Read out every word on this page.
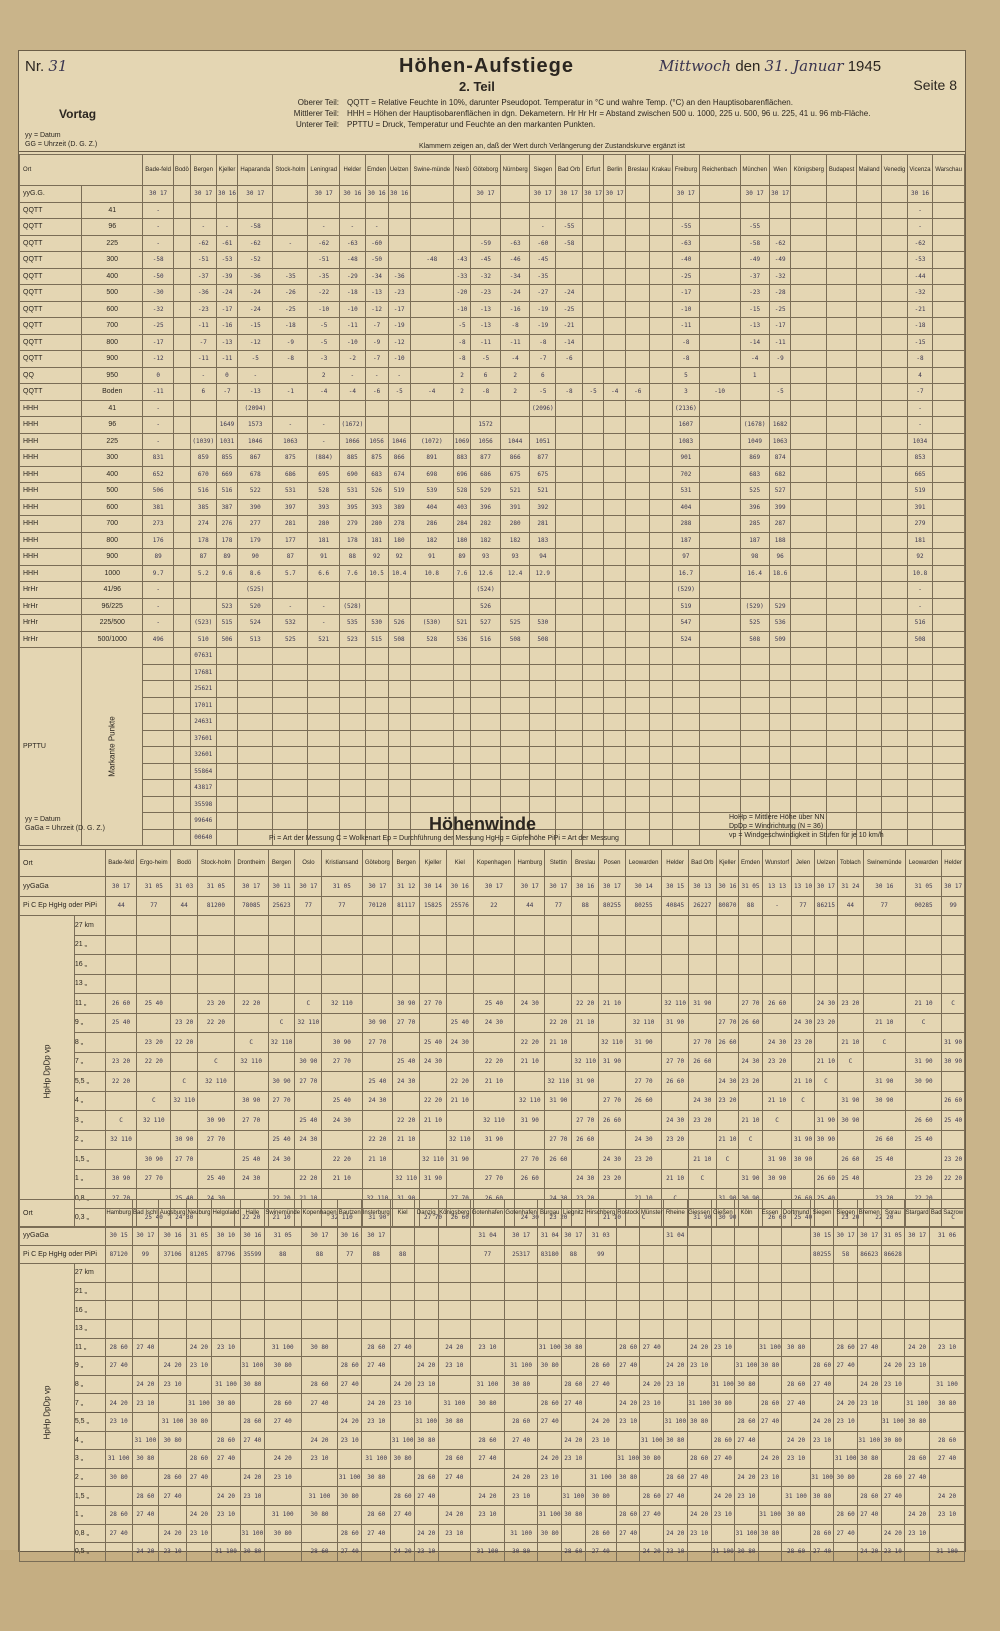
Nr. 31	Höhen-Aufstiege
2. Teil
Mittwoch den 31. Januar 1945
Seite 8
Vortag
yy = Datum
GG = Uhrzeit (D. G. Z.)
Oberer Teil: QQTT = Relative Feuchte in 10%, darunter Pseudopot. Temperatur in °C und wahre Temp. (°C) an den Hauptisobarenflächen.
Mittlerer Teil: HHH = Höhen der Hauptisobarenflächen in dgn. Dekametern. Hr Hr Hr = Abstand zwischen 500 u. 1000, 225 u. 500, 96 u. 225, 41 u. 96 mb-Fläche.
Unterer Teil: PPTTU = Druck, Temperatur und Feuchte an den markanten Punkten.
Klammern zeigen an, daß der Wert durch Verlängerung der Zustandskurve ergänzt ist
Ort		Bade-feld	Bodö	Bergen	Kjeller	Haparanda	Stock-holm	Leningrad	Helder	Emden	Uelzen	Swine-münde	Nexö	Göteborg	Nürnberg	Siegen	Bad Orb	Erfurt	Berlin	Breslau	Krakau	Freiburg	Reichenbach	München	Wien	Königsberg	Budapest	Mailand	Venedig	Vicenza	Warschau
yyG.G.		30 17		30 17	30 16	30 17		30 17	30 16	30 16	30 16			30 17		30 17	30 17	30 17	30 17			30 17		30 17	30 17					30 16	
QQTT	41	-																												-	
QQTT	96	-		-	-	-58		-	-	-						-	-55					-55		-55						-	
QQTT	225	-		-62	-61	-62	-	-62	-63	-60				-59	-63	-60	-58					-63		-58	-62					-62	
QQTT	300	-58		-51	-53	-52		-51	-48	-50		-48	-43	-45	-46	-45						-40		-49	-49					-53	
QQTT	400	-50		-37	-39	-36	-35	-35	-29	-34	-36		-33	-32	-34	-35						-25		-37	-32					-44	
QQTT	500	-30		-36	-24	-24	-26	-22	-18	-13	-23		-20	-23	-24	-27	-24					-17		-23	-28					-32	
QQTT	600	-32		-23	-17	-24	-25	-10	-10	-12	-17		-10	-13	-16	-19	-25					-10		-15	-25					-21	
QQTT	700	-25		-11	-16	-15	-18	-5	-11	-7	-19		-5	-13	-8	-19	-21					-11		-13	-17					-18	
QQTT	800	-17		-7	-13	-12	-9	-5	-10	-9	-12		-8	-11	-11	-8	-14					-8		-14	-11					-15	
QQTT	900	-12		-11	-11	-5	-8	-3	-2	-7	-10		-8	-5	-4	-7	-6					-8		-4	-9					-8	
QQ	950	0		-	0	-		2	-	-	-		2	6	2	6						5		1						4	
QQTT	Boden	-11		6	-7	-13	-1	-4	-4	-6	-5	-4	2	-8	2	-5	-8	-5	-4	-6		3	-10		-5					-7	
HHH	41	-				(2094)										(2096)						(2136)								-	
HHH	96	-			1649	1573	-	-	(1672)					1572								1607		(1678)	1682					-	
HHH	225	-		(1039)	1031	1046	1063	-	1066	1056	1046	(1072)	1069	1056	1044	1051						1083		1049	1063					1034	
HHH	300	831		859	855	867	875	(884)	885	875	866	891	883	877	866	877						901		869	874					853	
HHH	400	652		670	669	678	686	695	690	683	674	698	696	686	675	675						702		683	682					665	
HHH	500	506		516	516	522	531	528	531	526	519	539	528	529	521	521						531		525	527					519	
HHH	600	381		385	387	390	397	393	395	393	389	404	403	396	391	392						404		396	399					391	
HHH	700	273		274	276	277	281	280	279	280	278	286	284	282	280	281						288		285	287					279	
HHH	800	176		178	178	179	177	181	178	181	180	182	180	182	182	183						187		187	188					181	
HHH	900	89		87	89	90	87	91	88	92	92	91	89	93	93	94						97		98	96					92	
HHH	1000	9.7		5.2	9.6	8.6	5.7	6.6	7.6	10.5	10.4	10.8	7.6	12.6	12.4	12.9						16.7		16.4	18.6					10.8	
HrHr	41/96	-				(525)								(524)								(529)								-	
HrHr	96/225	-			523	520	-	-	(528)					526								519		(529)	529					-	
HrHr	225/500	-		(523)	515	524	532	-	535	530	526	(530)	521	527	525	530						547		525	536					516	
HrHr	500/1000	496		510	506	513	525	521	523	515	508	528	536	516	508	508						524		508	509					508	
PPTTU	Markante Punkte			07631																											
				17681																											
				25621																											
				17011																											
				24631																											
				37601																											
				32601																											
				55864																											
				43817																											
				35598																											
				99646																											
				00640																											
yy = Datum
GaGa = Uhrzeit (D. G. Z.)	Höhenwinde
Pi = Art der Messung C = Wolkenart Ep = Durchführung der Messung HgHg = Gipfelhöhe PiPi = Art der Messung
HoHp = Mittlere Höhe über NN
DpDp = Windrichtung (N = 36)
vp = Windgeschwindigkeit in Stufen für je 10 km/h
Ort		Bade-feld	Ergo-heim	Bodö	Stock-holm	Drontheim	Bergen	Oslo	Kristiansand	Göteborg	Bergen	Kjeller	Kiel	Kopenhagen	Hamburg	Stettin	Breslau	Posen	Leowarden	Helder	Bad Orb	Kjeller	Emden	Wunstorf	Jelen	Uelzen	Toblach	Swinemünde	Leowarden	Helder
yyGaGa		30 17	31 05	31 03	31 05	30 17	30 11	30 17	31 05	30 17	31 12	30 14	30 16	30 17	30 17	30 17	30 16	30 17	30 14	30 15	30 13	30 16	31 05	13 13	13 10	30 17	31 24	30 16	31 05	30 17
Pi C Ep HgHg oder PiPi		44	77	44	81200	78085	25623	77	77	70120	81117	15825	25576	22	44	77	88	80255	80255	40845	26227	80870	88	-	77	86215	44	77	00285	99
HpHp DpDp vp	27 km																													
	21 „																													
	16 „																													
	13 „																													
	11 „	26 60	25 40		23 20	22 20		C	32 110		30 90	27 70		25 40	24 30		22 20	21 10		32 110	31 90		27 70	26 60		24 30	23 20		21 10	C
	9 „	25 40		23 20	22 20		C	32 110		30 90	27 70		25 40	24 30		22 20	21 10		32 110	31 90		27 70	26 60		24 30	23 20		21 10	C	
	8 „		23 20	22 20		C	32 110		30 90	27 70		25 40	24 30		22 20	21 10		32 110	31 90		27 70	26 60		24 30	23 20		21 10	C		31 90
	7 „	23 20	22 20		C	32 110		30 90	27 70		25 40	24 30		22 20	21 10		32 110	31 90		27 70	26 60		24 30	23 20		21 10	C		31 90	30 90
	5,5 „	22 20		C	32 110		30 90	27 70		25 40	24 30		22 20	21 10		32 110	31 90		27 70	26 60		24 30	23 20		21 10	C		31 90	30 90	
	4 „		C	32 110		30 90	27 70		25 40	24 30		22 20	21 10		32 110	31 90		27 70	26 60		24 30	23 20		21 10	C		31 90	30 90		26 60
	3 „	C	32 110		30 90	27 70		25 40	24 30		22 20	21 10		32 110	31 90		27 70	26 60		24 30	23 20		21 10	C		31 90	30 90		26 60	25 40
	2 „	32 110		30 90	27 70		25 40	24 30		22 20	21 10		32 110	31 90		27 70	26 60		24 30	23 20		21 10	C		31 90	30 90		26 60	25 40	
	1,5 „		30 90	27 70		25 40	24 30		22 20	21 10		32 110	31 90		27 70	26 60		24 30	23 20		21 10	C		31 90	30 90		26 60	25 40		23 20
	1 „	30 90	27 70		25 40	24 30		22 20	21 10		32 110	31 90		27 70	26 60		24 30	23 20		21 10	C		31 90	30 90		26 60	25 40		23 20	22 20
	0,8 „	27 70		25 40	24 30		22 20	21 10		32 110	31 90		27 70	26 60		24 30	23 20		21 10	C		31 90	30 90		26 60	25 40		23 20	22 20	
	0,3 „		25 40	24 30		22 20	21 10		32 110	31 90		27 70	26 60		24 30	23 20		21 10	C		31 90	30 90		26 60	25 40		23 20	22 20		C
Ort		Hamburg	Bad Ischl	Augsburg	Neuburg	Helgoland	Halle	Swinemünde	Kopenhagen	Bautzen	Insterburg	Kiel	Danzig	Königsberg	Gotenhafen	Gotenhafen	Burgau	Liegnitz	Hirschberg	Rostock	Münster	Rheine	Giessen	Gießen	Köln	Essen	Dortmund	Siegen	Siegen	Bremen	Sorau	Stargard	Bad Sazrow
yyGaGa		30 15	30 17	30 16	31 05	30 10	30 16	31 05	30 17	30 16	30 17				31 04	30 17	31 04	30 17	31 03			31 04						30 15	30 17	30 17	31 05	30 17	31 06
Pi C Ep HgHg oder PiPi		87120	99	37106	81205	87796	35599	88	88	77	88	88			77	25317	83180	88	99									80255	58	86623	86628		
HpHp DpDp vp	27 km																																
	21 „																																
	16 „																																
	13 „																																
	11 „	28 60	27 40		24 20	23 10		31 100	30 80		28 60	27 40		24 20	23 10		31 100	30 80		28 60	27 40		24 20	23 10		31 100	30 80		28 60	27 40		24 20	23 10
	9 „	27 40		24 20	23 10		31 100	30 80		28 60	27 40		24 20	23 10		31 100	30 80		28 60	27 40		24 20	23 10		31 100	30 80		28 60	27 40		24 20	23 10	
	8 „		24 20	23 10		31 100	30 80		28 60	27 40		24 20	23 10		31 100	30 80		28 60	27 40		24 20	23 10		31 100	30 80		28 60	27 40		24 20	23 10		31 100
	7 „	24 20	23 10		31 100	30 80		28 60	27 40		24 20	23 10		31 100	30 80		28 60	27 40		24 20	23 10		31 100	30 80		28 60	27 40		24 20	23 10		31 100	30 80
	5,5 „	23 10		31 100	30 80		28 60	27 40		24 20	23 10		31 100	30 80		28 60	27 40		24 20	23 10		31 100	30 80		28 60	27 40		24 20	23 10		31 100	30 80	
	4 „		31 100	30 80		28 60	27 40		24 20	23 10		31 100	30 80		28 60	27 40		24 20	23 10		31 100	30 80		28 60	27 40		24 20	23 10		31 100	30 80		28 60
	3 „	31 100	30 80		28 60	27 40		24 20	23 10		31 100	30 80		28 60	27 40		24 20	23 10		31 100	30 80		28 60	27 40		24 20	23 10		31 100	30 80		28 60	27 40
	2 „	30 80		28 60	27 40		24 20	23 10		31 100	30 80		28 60	27 40		24 20	23 10		31 100	30 80		28 60	27 40		24 20	23 10		31 100	30 80		28 60	27 40	
	1,5 „		28 60	27 40		24 20	23 10		31 100	30 80		28 60	27 40		24 20	23 10		31 100	30 80		28 60	27 40		24 20	23 10		31 100	30 80		28 60	27 40		24 20
	1 „	28 60	27 40		24 20	23 10		31 100	30 80		28 60	27 40		24 20	23 10		31 100	30 80		28 60	27 40		24 20	23 10		31 100	30 80		28 60	27 40		24 20	23 10
	0,8 „	27 40		24 20	23 10		31 100	30 80		28 60	27 40		24 20	23 10		31 100	30 80		28 60	27 40		24 20	23 10		31 100	30 80		28 60	27 40		24 20	23 10	
	0,5 „		24 20	23 10		31 100	30 80		28 60	27 40		24 20	23 10		31 100	30 80		28 60	27 40		24 20	23 10		31 100	30 80		28 60	27 40		24 20	23 10		31 100
